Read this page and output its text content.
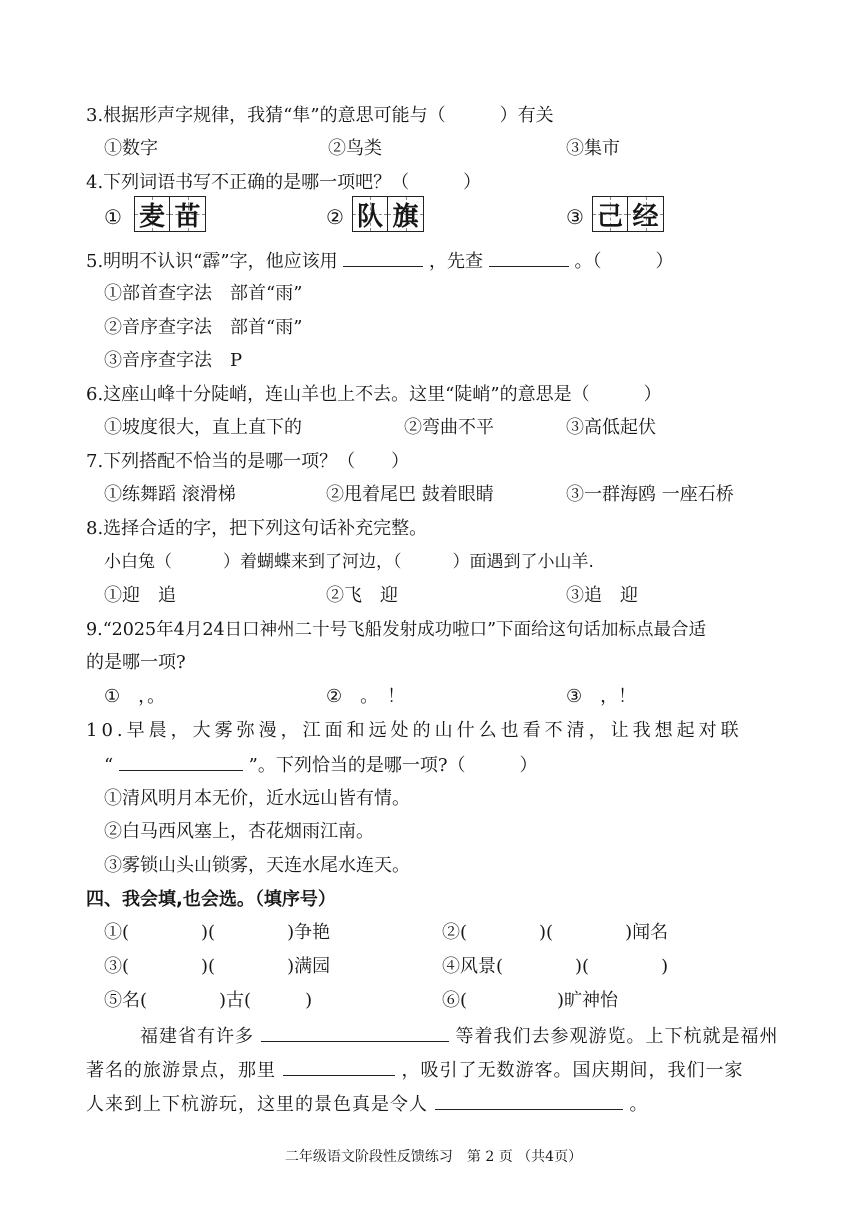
3.根据形声字规律，我猜“隼”的意思可能与（　　　）有关
①数字	②鸟类	③集市
4.下列词语书写不正确的是哪一项吧？（　　　）
① 麦 苗	② 队 旗	③ 己 经
5.明明不认识“霹”字，他应该用	，先查	。（　　　）
①部首查字法　部首“雨”
②音序查字法　部首“雨”
③音序查字法　P
6.这座山峰十分陡峭，连山羊也上不去。这里“陡峭”的意思是（　　　）
①坡度很大，直上直下的	②弯曲不平	③高低起伏
7.下列搭配不恰当的是哪一项？（　　）
①练舞蹈 滚滑梯	②甩着尾巴 鼓着眼睛	③一群海鸥 一座石桥
8.选择合适的字，把下列这句话补充完整。
小白兔（　　　）着蝴蝶来到了河边，（　　　）面遇到了小山羊.
①迎　追	②飞　迎	③追　迎
9.“2025年4月24日口神州二十号飞船发射成功啦口”下面给这句话加标点最合适
的是哪一项?
①　，。	②　。　！	③　，！
10.早晨，大雾弥漫，江面和远处的山什么也看不清，让我想起对联
“	”。下列恰当的是哪一项?（　　　）
①清风明月本无价，近水远山皆有情。
②白马西风塞上，杏花烟雨江南。
③雾锁山头山锁雾，天连水尾水连天。
四、我会填,也会选。（填序号）
①(　　　　)(　　　　)争艳	②(　　　　)(　　　　)闻名
③(　　　　)(　　　　)满园	④风景(　　　　)(　　　　)
⑤名(　　　　)古(　　　)	⑥(　　　　　)旷神怡
福建省有许多	等着我们去参观游览。上下杭就是福州
著名的旅游景点，那里	，吸引了无数游客。国庆期间，我们一家
人来到上下杭游玩，这里的景色真是令人	。
二年级语文阶段性反馈练习　第 2 页 （共4页）
